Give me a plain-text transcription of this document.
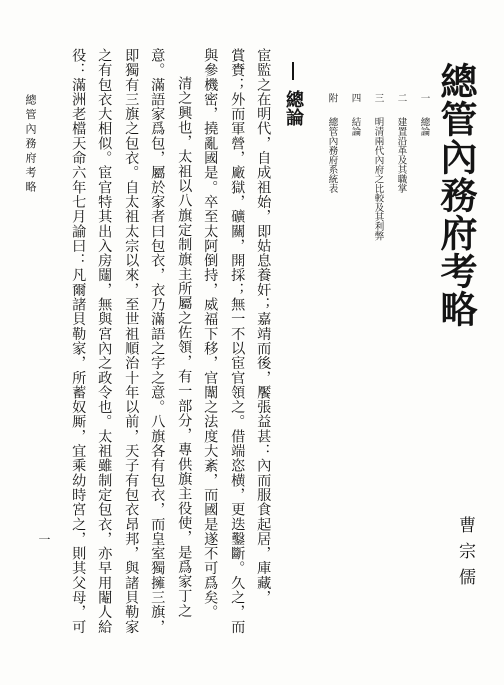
總管內務府考略
一
總論
二
建置沿革及其職掌
三
明清兩代內府之比較及其利弊
四
結論
附
總管內務府系統表
總論
宦監之在明代，自成祖始，即姑息養奸；嘉靖而後，饜張益甚：內而服食起居，庫藏，
賞賚；外而軍營，廠獄，礦關，開採；無一不以宦官領之。借端恣横，更迭鑿斷。久之，而
與參機密，撓亂國是。卒至太阿倒持，威福下移，官闈之法度大紊，而國是遂不可爲矣。
清之興也，太祖以八旗定制旗主所屬之佐領，有一部分，專供旗主役使，是爲家丁之
意。滿語家爲包，屬於家者曰包衣，衣乃滿語之字之意。八旗各有包衣，而皇室獨擁三旗，
即獨有三旗之包衣。自太祖太宗以來，至世祖順治十年以前，天子有包衣昂邦，與諸貝勒家
之有包衣大相似。宦官特其出入房闥，無與宮內之政令也。太祖雖制定包衣，亦早用閹人給
役：滿洲老檔天命六年七月諭曰：凡爾諸貝勒家，所蓄奴厮，宜乘幼時宮之，則其父母，可	曹宗儒
總管內務府考略
一
